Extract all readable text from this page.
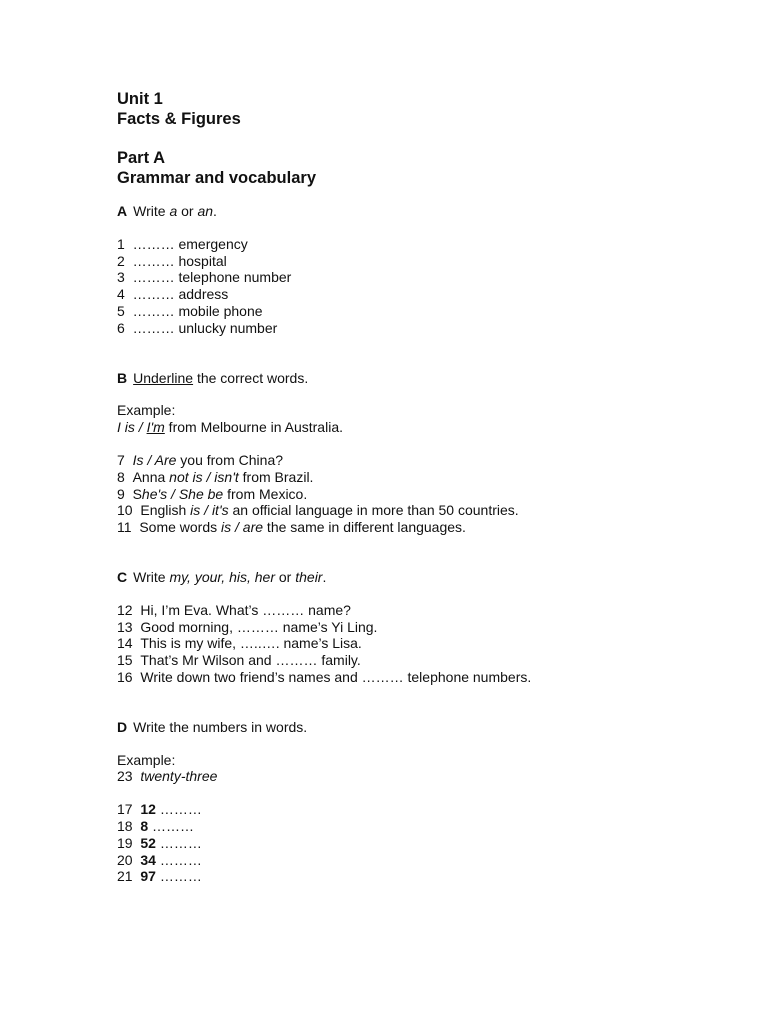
Unit 1

Facts & Figures

Part A

Grammar and vocabulary

A Write a or an.

1 ……… emergency

2 ……… hospital

3 ……… telephone number

4 ……… address

5 ……… mobile phone

6 ……… unlucky number

B Underline the correct words.

Example:

I is / I'm from Melbourne in Australia.

7 Is / Are you from China?

8 Anna not is / isn't from Brazil.

9 She's / She be from Mexico.

10 English is / it's an official language in more than 50 countries.

11 Some words is / are the same in different languages.

C Write my, your, his, her or their.

12 Hi, I’m Eva. What’s ……… name?

13 Good morning, ……… name’s Yi Ling.

14 This is my wife, …..…. name’s Lisa.

15 That’s Mr Wilson and ……… family.

16 Write down two friend’s names and ……… telephone numbers.

D Write the numbers in words.

Example:

23 twenty-three

17 12 ………

18 8 ………

19 52 ………

20 34 ………

21 97 ………
